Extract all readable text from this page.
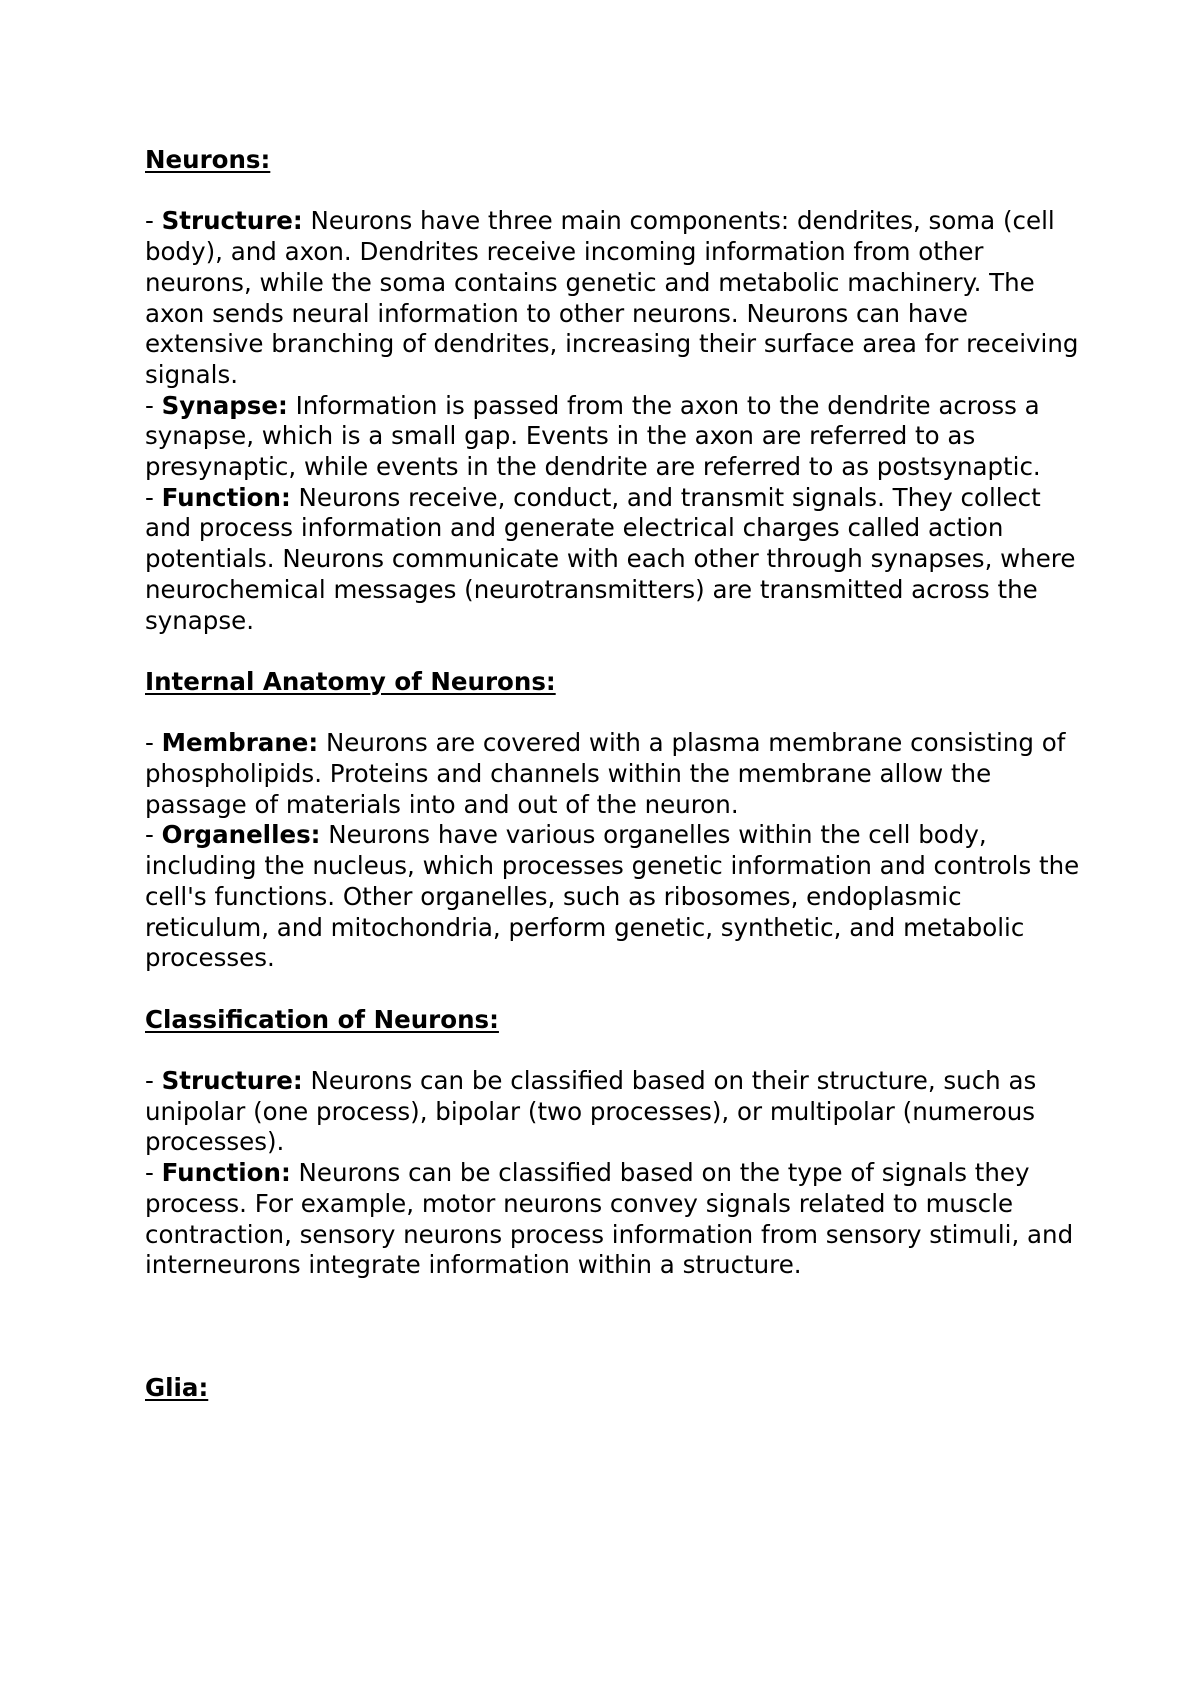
Neurons:

- Structure: Neurons have three main components: dendrites, soma (cell body), and axon. Dendrites receive incoming information from other neurons, while the soma contains genetic and metabolic machinery. The axon sends neural information to other neurons. Neurons can have extensive branching of dendrites, increasing their surface area for receiving signals.

- Synapse: Information is passed from the axon to the dendrite across a synapse, which is a small gap. Events in the axon are referred to as presynaptic, while events in the dendrite are referred to as postsynaptic.

- Function: Neurons receive, conduct, and transmit signals. They collect and process information and generate electrical charges called action potentials. Neurons communicate with each other through synapses, where neurochemical messages (neurotransmitters) are transmitted across the synapse.

Internal Anatomy of Neurons:

- Membrane: Neurons are covered with a plasma membrane consisting of phospholipids. Proteins and channels within the membrane allow the passage of materials into and out of the neuron.

- Organelles: Neurons have various organelles within the cell body, including the nucleus, which processes genetic information and controls the cell's functions. Other organelles, such as ribosomes, endoplasmic reticulum, and mitochondria, perform genetic, synthetic, and metabolic processes.

Classification of Neurons:

- Structure: Neurons can be classified based on their structure, such as unipolar (one process), bipolar (two processes), or multipolar (numerous processes).

- Function: Neurons can be classified based on the type of signals they process. For example, motor neurons convey signals related to muscle contraction, sensory neurons process information from sensory stimuli, and interneurons integrate information within a structure.

Glia:
